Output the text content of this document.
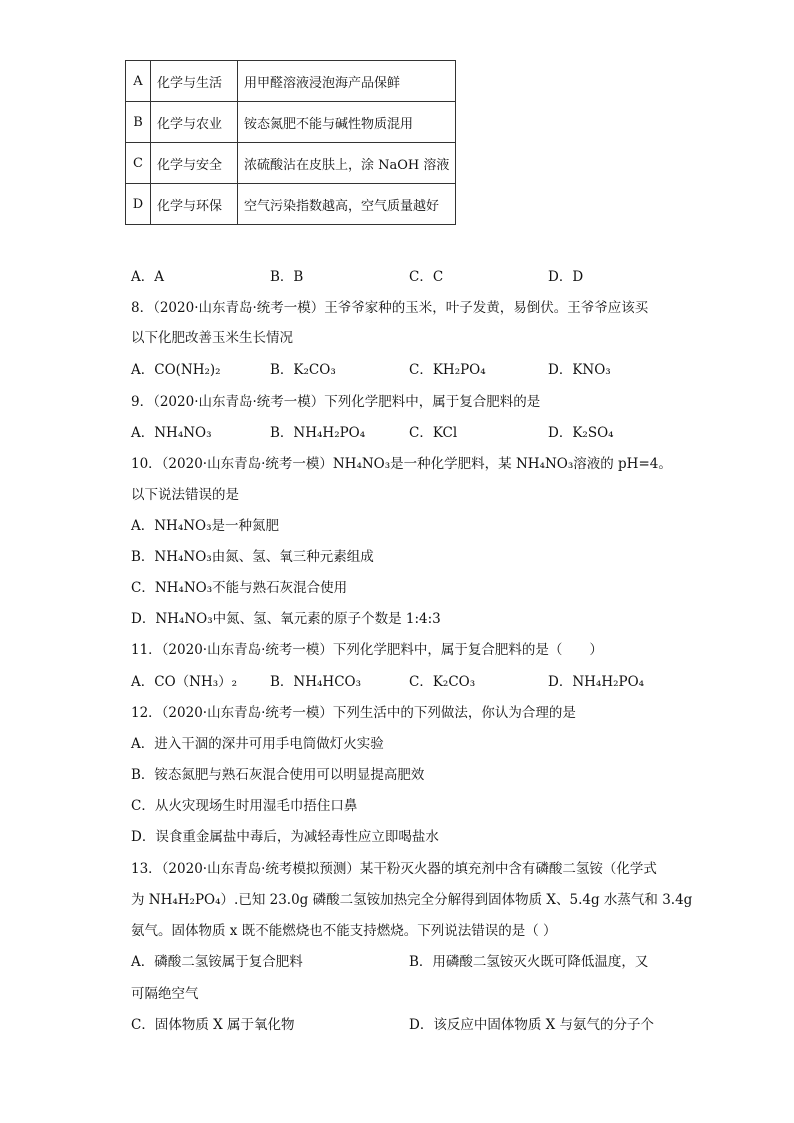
A	化学与生活	用甲醛溶液浸泡海产品保鲜
B	化学与农业	铵态氮肥不能与碱性物质混用
C	化学与安全	浓硫酸沾在皮肤上，涂 NaOH 溶液
D	化学与环保	空气污染指数越高，空气质量越好
A．A	B．B	C．C	D．D
8．（2020·山东青岛·统考一模）王爷爷家种的玉米，叶子发黄，易倒伏。王爷爷应该买
以下化肥改善玉米生长情况
A．CO(NH₂)₂	B．K₂CO₃	C．KH₂PO₄	D．KNO₃
9．（2020·山东青岛·统考一模）下列化学肥料中，属于复合肥料的是
A．NH₄NO₃	B．NH₄H₂PO₄	C．KCl	D．K₂SO₄
10．（2020·山东青岛·统考一模）NH₄NO₃是一种化学肥料，某 NH₄NO₃溶液的 pH=4。
以下说法错误的是
A．NH₄NO₃是一种氮肥
B．NH₄NO₃由氮、氢、氧三种元素组成
C．NH₄NO₃不能与熟石灰混合使用
D．NH₄NO₃中氮、氢、氧元素的原子个数是 1:4:3
11．（2020·山东青岛·统考一模）下列化学肥料中，属于复合肥料的是（　　）
A．CO（NH₃）₂ B．NH₄HCO₃	C．K₂CO₃	D．NH₄H₂PO₄
12．（2020·山东青岛·统考一模）下列生活中的下列做法，你认为合理的是
A．进入干涸的深井可用手电筒做灯火实验
B．铵态氮肥与熟石灰混合使用可以明显提高肥效
C．从火灾现场生时用湿毛巾捂住口鼻
D．误食重金属盐中毒后，为减轻毒性应立即喝盐水
13．（2020·山东青岛·统考模拟预测）某干粉灭火器的填充剂中含有磷酸二氢铵（化学式
为 NH₄H₂PO₄）.已知 23.0g 磷酸二氢铵加热完全分解得到固体物质 X、5.4g 水蒸气和 3.4g
氨气。固体物质 x 既不能燃烧也不能支持燃烧。下列说法错误的是（ ）
A．磷酸二氢铵属于复合肥料	B．用磷酸二氢铵灭火既可降低温度，又
可隔绝空气
C．固体物质 X 属于氧化物	D．该反应中固体物质 X 与氨气的分子个
